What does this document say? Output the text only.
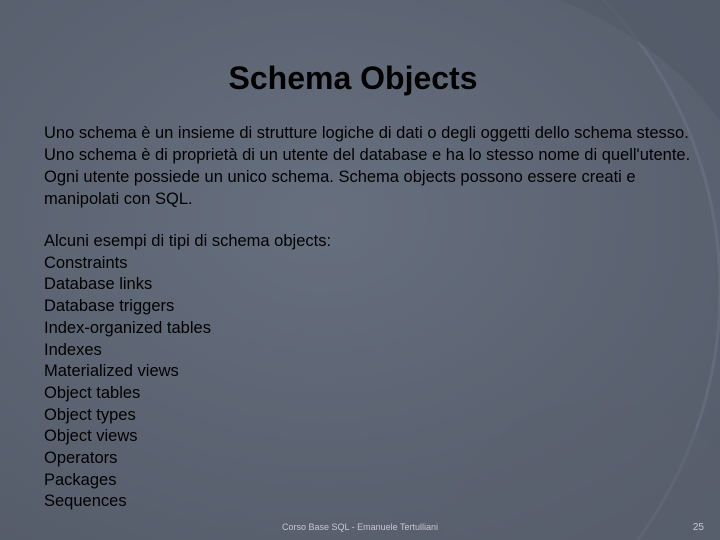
Schema Objects

Uno schema è un insieme di strutture logiche di dati o degli oggetti dello schema stesso. Uno schema è di proprietà di un utente del database e ha lo stesso nome di quell'utente. Ogni utente possiede un unico schema. Schema objects possono essere creati e manipolati con SQL.

Alcuni esempi di tipi di schema objects:
Constraints
Database links
Database triggers
Index-organized tables
Indexes
Materialized views
Object tables
Object types
Object views
Operators
Packages
Sequences
Corso Base SQL - Emanuele Tertulliani	25
